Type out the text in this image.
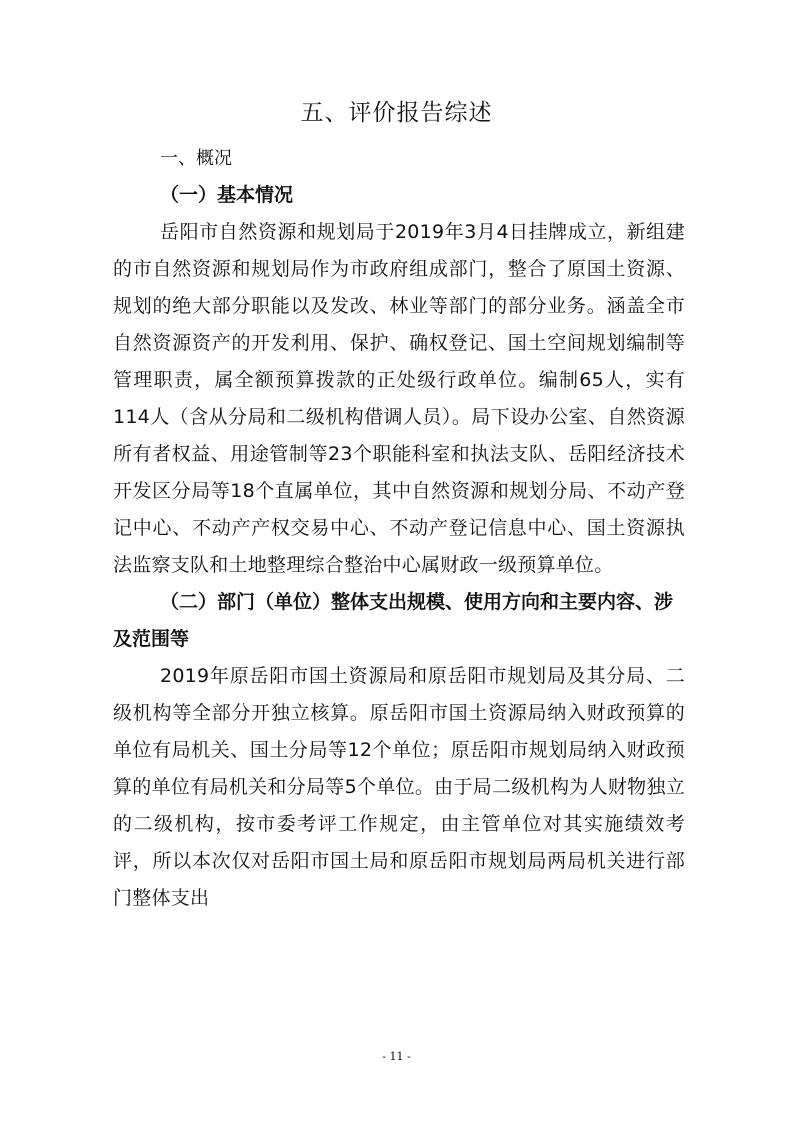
五、评价报告综述

一、概况

（一）基本情况

岳阳市自然资源和规划局于2019年3月4日挂牌成立，新组建的市自然资源和规划局作为市政府组成部门，整合了原国土资源、规划的绝大部分职能以及发改、林业等部门的部分业务。涵盖全市自然资源资产的开发利用、保护、确权登记、国土空间规划编制等管理职责，属全额预算拨款的正处级行政单位。编制65人，实有114人（含从分局和二级机构借调人员）。局下设办公室、自然资源所有者权益、用途管制等23个职能科室和执法支队、岳阳经济技术开发区分局等18个直属单位，其中自然资源和规划分局、不动产登记中心、不动产产权交易中心、不动产登记信息中心、国土资源执法监察支队和土地整理综合整治中心属财政一级预算单位。

（二）部门（单位）整体支出规模、使用方向和主要内容、涉及范围等

2019年原岳阳市国土资源局和原岳阳市规划局及其分局、二级机构等全部分开独立核算。原岳阳市国土资源局纳入财政预算的单位有局机关、国土分局等12个单位；原岳阳市规划局纳入财政预算的单位有局机关和分局等5个单位。由于局二级机构为人财物独立的二级机构，按市委考评工作规定，由主管单位对其实施绩效考评，所以本次仅对岳阳市国土局和原岳阳市规划局两局机关进行部门整体支出

- 11 -
